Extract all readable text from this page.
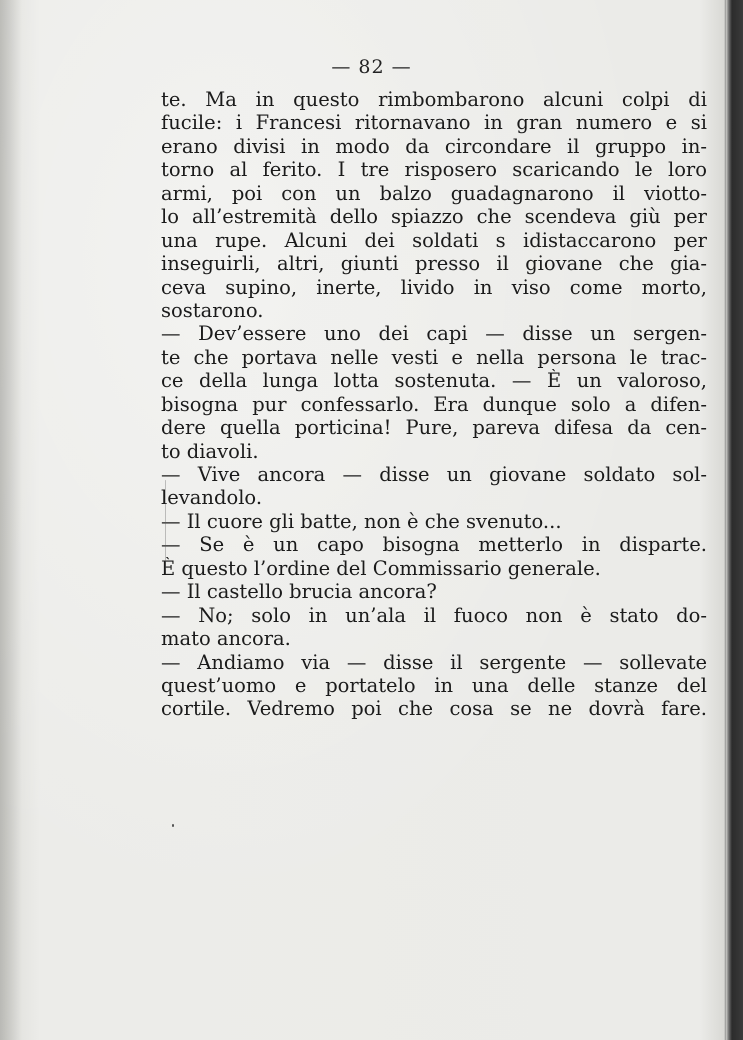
— 82 —
te. Ma in questo rimbombarono alcuni colpi di
fucile: i Francesi ritornavano in gran numero e si
erano divisi in modo da circondare il gruppo in-
torno al ferito. I tre risposero scaricando le loro
armi, poi con un balzo guadagnarono il viotto-
lo all’estremità dello spiazzo che scendeva giù per
una rupe. Alcuni dei soldati s idistaccarono per
inseguirli, altri, giunti presso il giovane che gia-
ceva supino, inerte, livido in viso come morto,
sostarono.
— Dev’essere uno dei capi — disse un sergen-
te che portava nelle vesti e nella persona le trac-
ce della lunga lotta sostenuta. — È un valoroso,
bisogna pur confessarlo. Era dunque solo a difen-
dere quella porticina! Pure, pareva difesa da cen-
to diavoli.
— Vive ancora — disse un giovane soldato sol-
levandolo.
— Il cuore gli batte, non è che svenuto...
— Se è un capo bisogna metterlo in disparte.
È questo l’ordine del Commissario generale.
— Il castello brucia ancora?
— No; solo in un’ala il fuoco non è stato do-
mato ancora.
— Andiamo via — disse il sergente — sollevate
quest’uomo e portatelo in una delle stanze del
cortile. Vedremo poi che cosa se ne dovrà fare.
